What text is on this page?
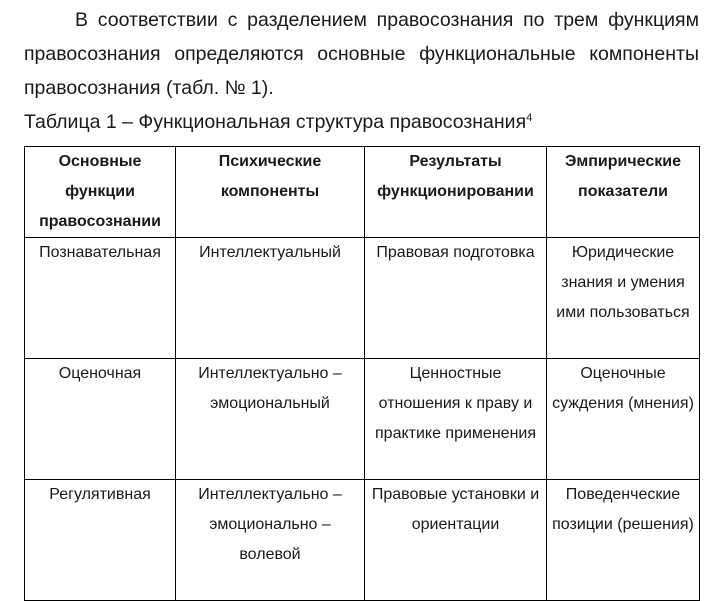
В соответствии с разделением правосознания по трем функциям правосознания определяются основные функциональные компоненты правосознания (табл. № 1).

Таблица 1 – Функциональная структура правосознания$^4$

Основные функции правосознании	Психические компоненты	Результаты функционировании	Эмпирические показатели
Познавательная	Интеллектуальный	Правовая подготовка	Юридические знания и умения ими пользоваться
Оценочная	Интеллектуально – эмоциональный	Ценностные отношения к праву и практике применения	Оценочные суждения (мнения)
Регулятивная	Интеллектуально – эмоционально – волевой	Правовые установки и ориентации	Поведенческие позиции (решения)
